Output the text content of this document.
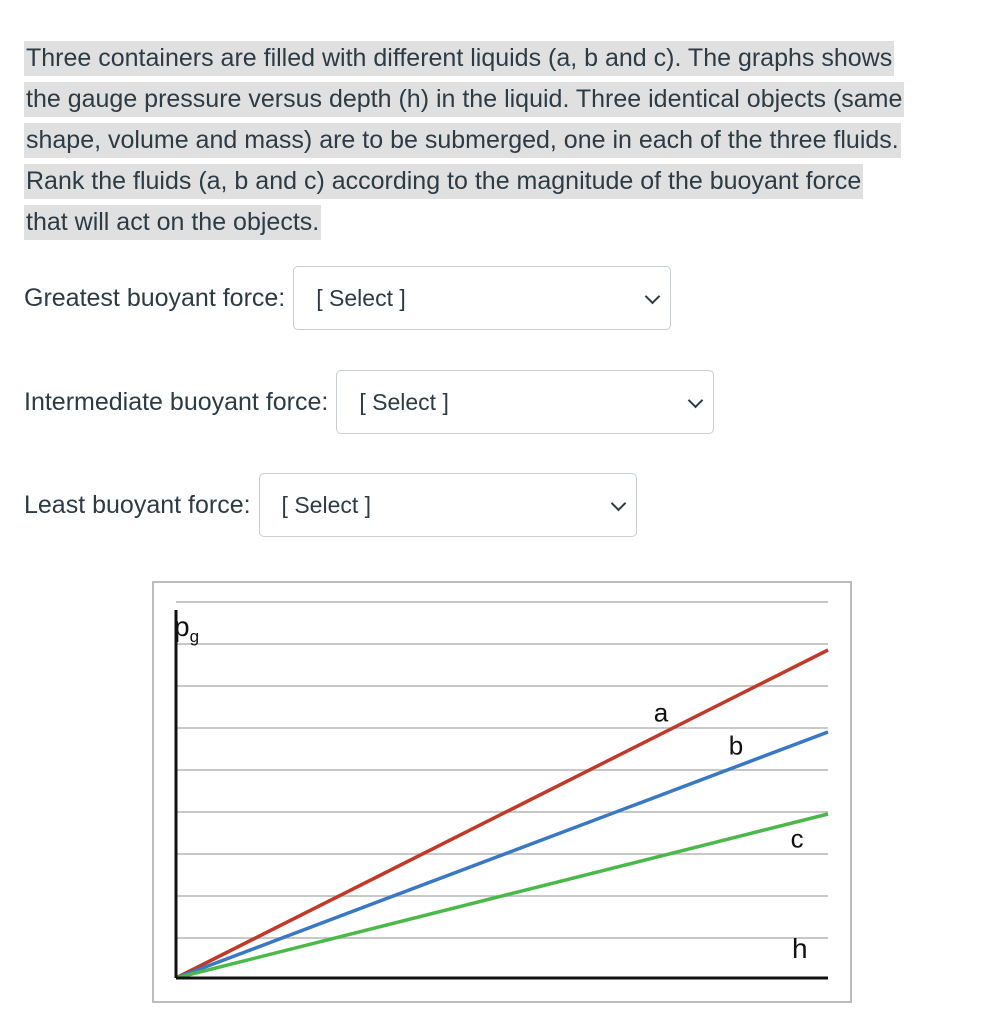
Three containers are filled with different liquids (a, b and c). The graphs shows
the gauge pressure versus depth (h) in the liquid. Three identical objects (same
shape, volume and mass) are to be submerged, one in each of the three fluids.
Rank the fluids (a, b and c) according to the magnitude of the buoyant force
that will act on the objects.
Greatest buoyant force: [ Select ]
Intermediate buoyant force: [ Select ]
Least buoyant force: [ Select ]
$p_g$
h
a
b
c
